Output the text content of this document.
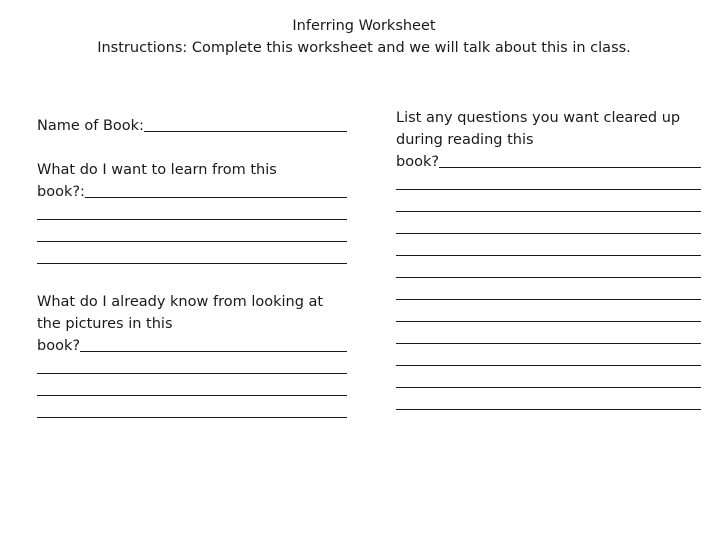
Inferring Worksheet
Instructions: Complete this worksheet and we will talk about this in class.
Name of Book:
What do I want to learn from this
book?:
What do I already know from looking at
the pictures in this
book?
List any questions you want cleared up
during reading this
book?
